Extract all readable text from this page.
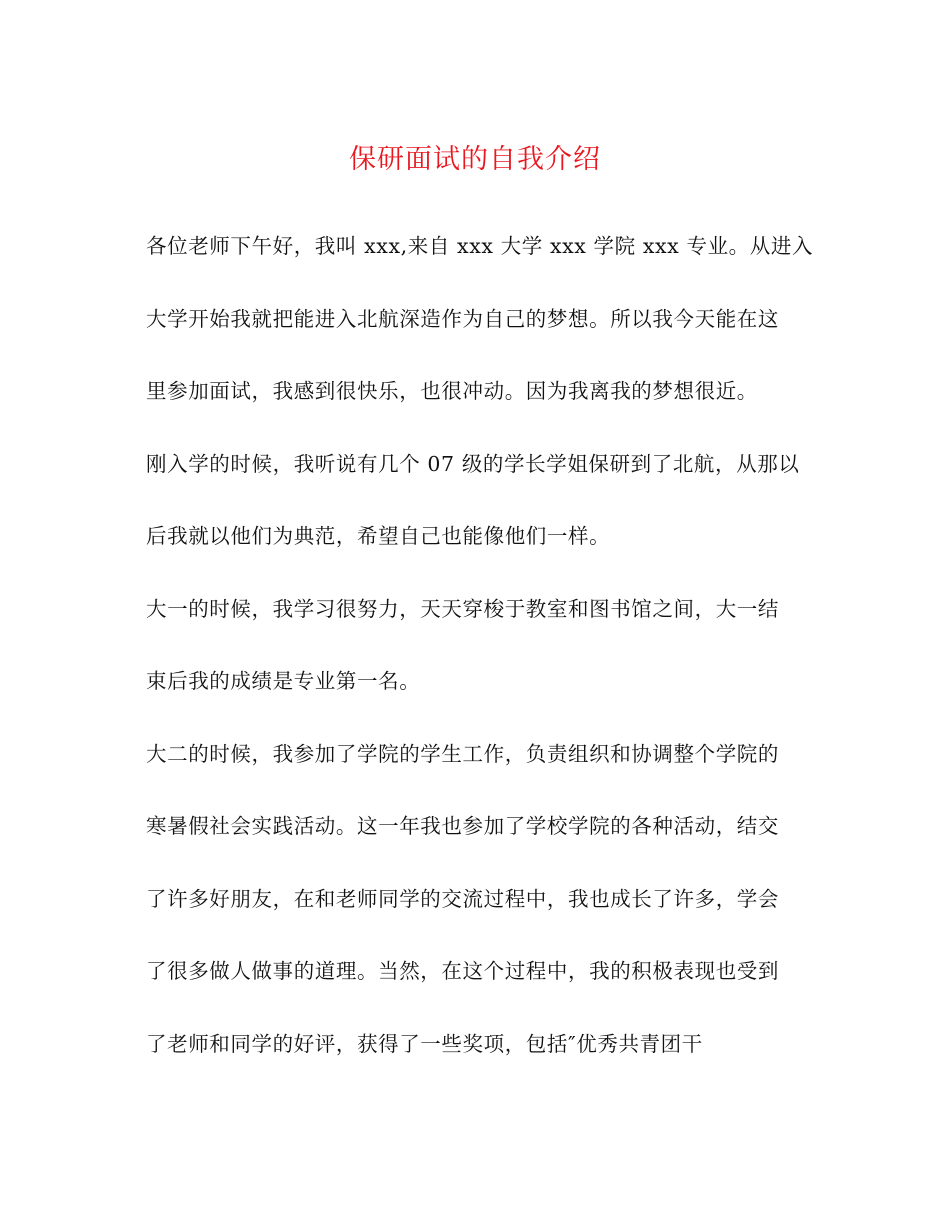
保研面试的自我介绍
各位老师下午好，我叫 xxx,来自 xxx 大学 xxx 学院 xxx 专业。从进入
大学开始我就把能进入北航深造作为自己的梦想。所以我今天能在这
里参加面试，我感到很快乐，也很冲动。因为我离我的梦想很近。
刚入学的时候，我听说有几个 07 级的学长学姐保研到了北航，从那以
后我就以他们为典范，希望自己也能像他们一样。
大一的时候，我学习很努力，天天穿梭于教室和图书馆之间，大一结
束后我的成绩是专业第一名。
大二的时候，我参加了学院的学生工作，负责组织和协调整个学院的
寒暑假社会实践活动。这一年我也参加了学校学院的各种活动，结交
了许多好朋友，在和老师同学的交流过程中，我也成长了许多，学会
了很多做人做事的道理。当然，在这个过程中，我的积极表现也受到
了老师和同学的好评，获得了一些奖项，包括″优秀共青团干
